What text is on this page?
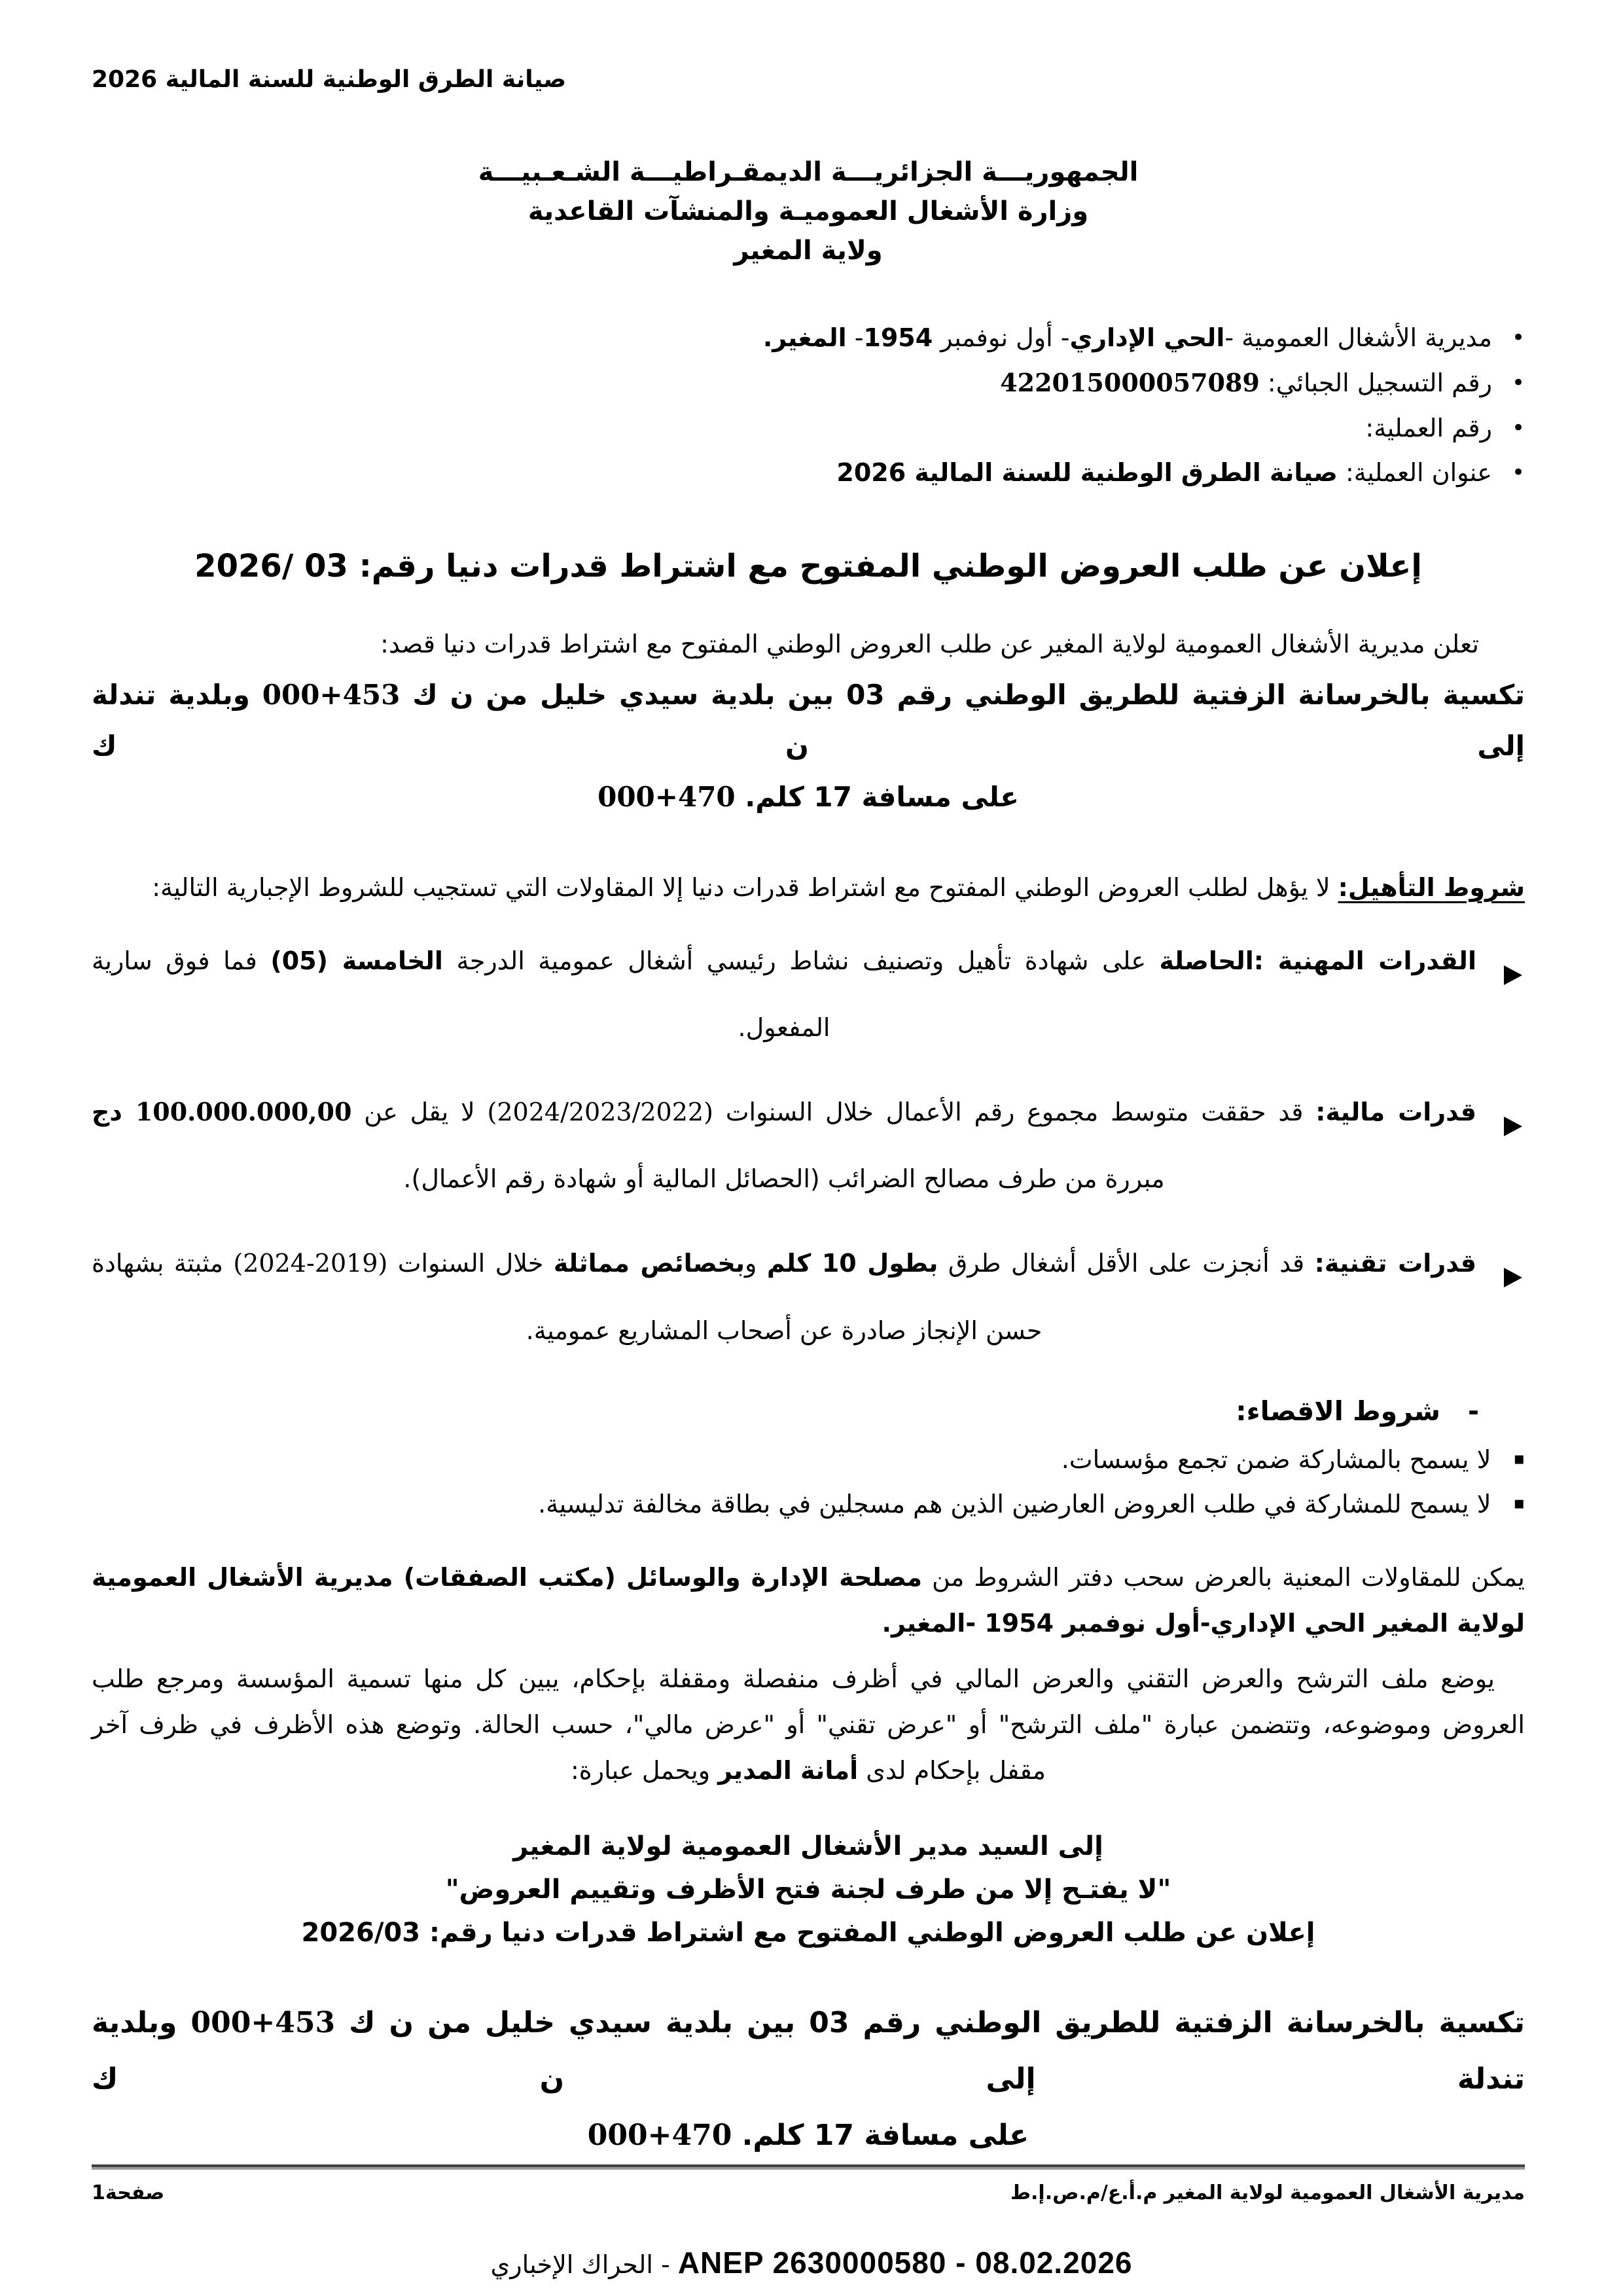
صيانة الطرق الوطنية للسنة المالية 2026
الجمهوريـــة الجزائريـــة الديمقـراطيـــة الشـعـبيـــة
وزارة الأشغال العموميـة والمنشآت القاعدية
ولاية المغير
•
مديرية الأشغال العمومية -الحي الإداري- أول نوفمبر 1954- المغير.
•
رقم التسجيل الجبائي: 422015000057089
•
رقم العملية:
•
عنوان العملية: صيانة الطرق الوطنية للسنة المالية 2026
إعلان عن طلب العروض الوطني المفتوح مع اشتراط قدرات دنيا رقم: 03 /2026
تعلن مديرية الأشغال العمومية لولاية المغير عن طلب العروض الوطني المفتوح مع اشتراط قدرات دنيا قصد:
تكسية بالخرسانة الزفتية للطريق الوطني رقم 03 بين بلدية سيدي خليل من ن ك 000+453 وبلدية تندلة إلى ن ك
على مسافة 17 كلم. 000+470
شروط التأهيل: لا يؤهل لطلب العروض الوطني المفتوح مع اشتراط قدرات دنيا إلا المقاولات التي تستجيب للشروط الإجبارية التالية:
القدرات المهنية :الحاصلة على شهادة تأهيل وتصنيف نشاط رئيسي أشغال عمومية الدرجة الخامسة (05) فما فوق سارية المفعول.
قدرات مالية: قد حققت متوسط مجموع رقم الأعمال خلال السنوات (2024/2023/2022) لا يقل عن 100.000.000,00 دج مبررة من طرف مصالح الضرائب (الحصائل المالية أو شهادة رقم الأعمال).
قدرات تقنية: قد أنجزت على الأقل أشغال طرق بطول 10 كلم وبخصائص مماثلة خلال السنوات (2024-2019) مثبتة بشهادة حسن الإنجاز صادرة عن أصحاب المشاريع عمومية.
-
شروط الاقصاء:
▪
لا يسمح بالمشاركة ضمن تجمع مؤسسات.
▪
لا يسمح للمشاركة في طلب العروض العارضين الذين هم مسجلين في بطاقة مخالفة تدليسية.
يمكن للمقاولات المعنية بالعرض سحب دفتر الشروط من مصلحة الإدارة والوسائل (مكتب الصفقات) مديرية الأشغال العمومية لولاية المغير الحي الإداري-أول نوفمبر 1954 -المغير.
يوضع ملف الترشح والعرض التقني والعرض المالي في أظرف منفصلة ومقفلة بإحكام، يبين كل منها تسمية المؤسسة ومرجع طلب العروض وموضوعه، وتتضمن عبارة "ملف الترشح" أو "عرض تقني" أو "عرض مالي"، حسب الحالة. وتوضع هذه الأظرف في ظرف آخر مقفل بإحكام لدى أمانة المدير ويحمل عبارة:
إلى السيد مدير الأشغال العمومية لولاية المغير
"لا يفتـح إلا من طرف لجنة فتح الأظرف وتقييم العروض"
إعلان عن طلب العروض الوطني المفتوح مع اشتراط قدرات دنيا رقم: 2026/03
تكسية بالخرسانة الزفتية للطريق الوطني رقم 03 بين بلدية سيدي خليل من ن ك 000+453 وبلدية تندلة إلى ن ك
على مسافة 17 كلم. 000+470
مديرية الأشغال العمومية لولاية المغير م.أ.ع/م.ص.إ.ط
صفحة1
ANEP 2630000580 - 08.02.2026 - الحراك الإخباري
